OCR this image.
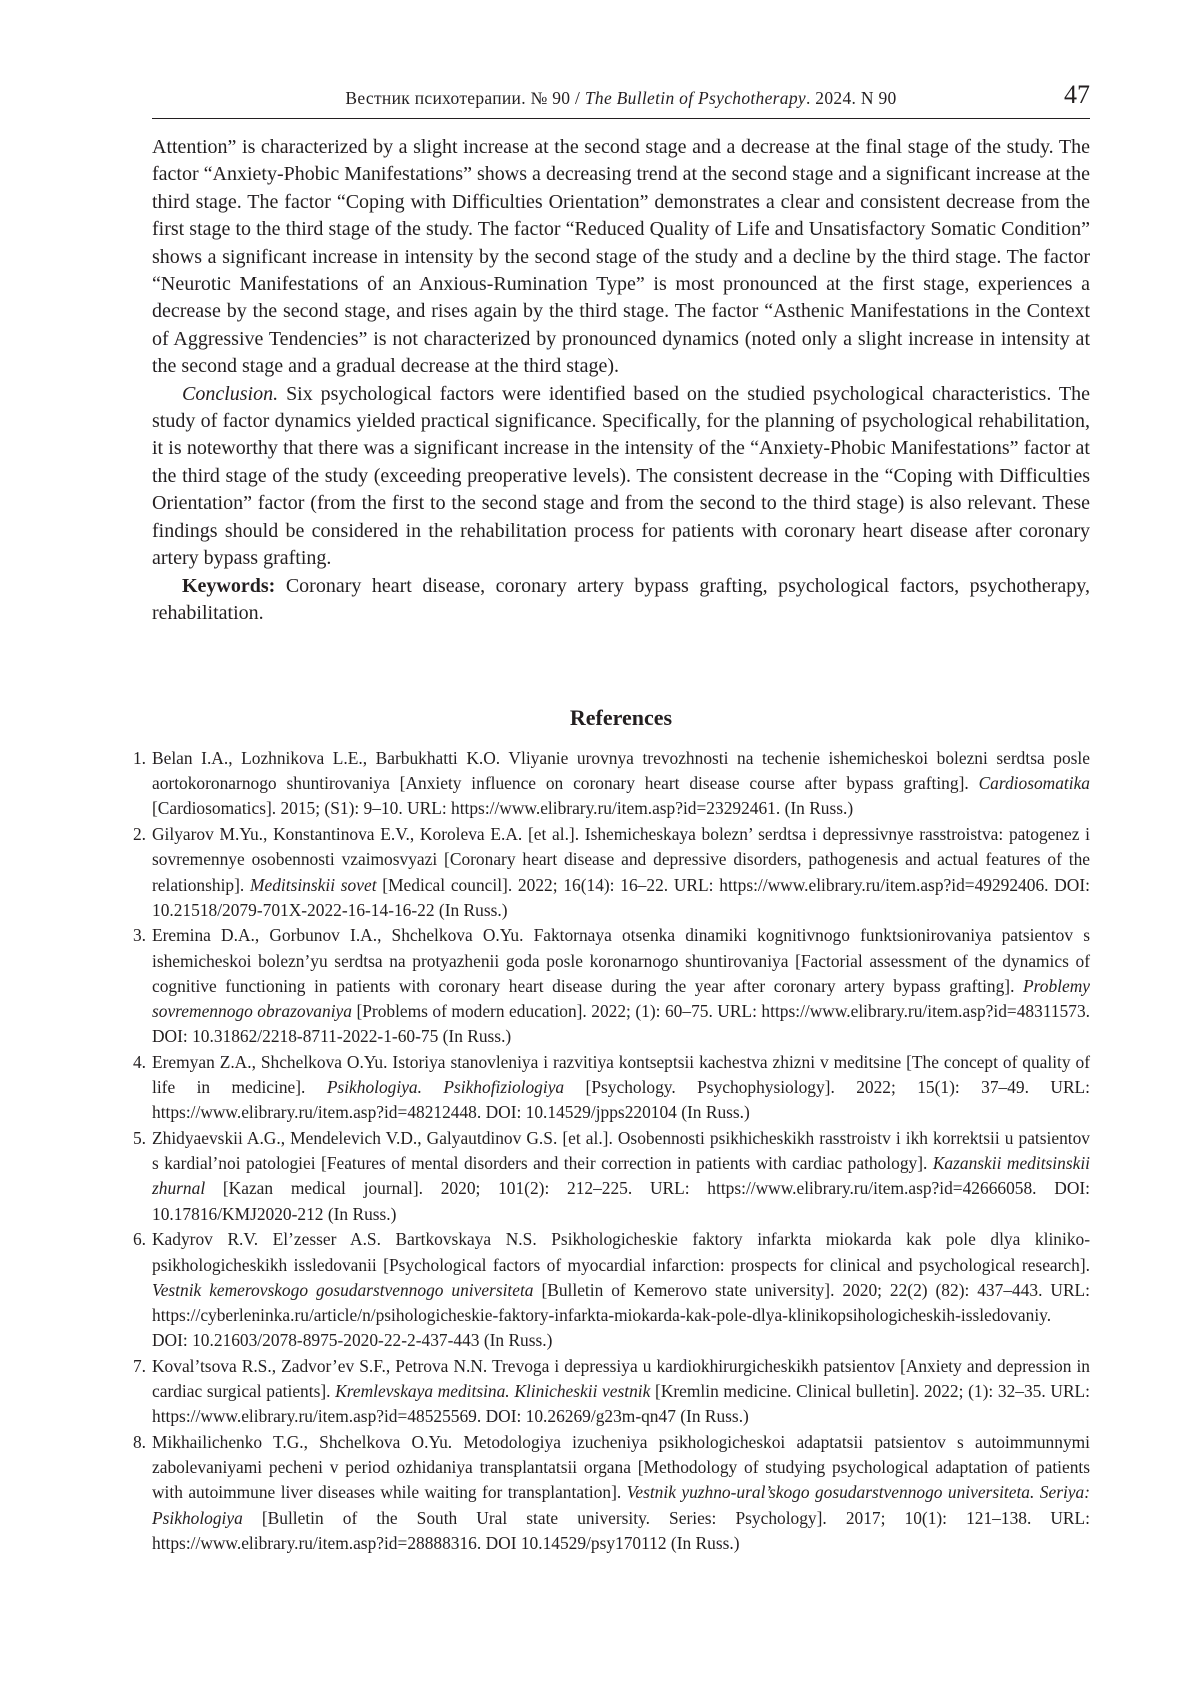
Вестник психотерапии. № 90 / The Bulletin of Psychotherapy. 2024. N 90	47

Attention” is characterized by a slight increase at the second stage and a decrease at the final stage of the study. The factor “Anxiety-Phobic Manifestations” shows a decreasing trend at the second stage and a significant increase at the third stage. The factor “Coping with Difficulties Orientation” demonstrates a clear and consistent decrease from the first stage to the third stage of the study. The factor “Reduced Quality of Life and Unsatisfactory Somatic Condition” shows a significant increase in intensity by the second stage of the study and a decline by the third stage. The factor “Neurotic Manifestations of an Anxious-Rumination Type” is most pronounced at the first stage, experiences a decrease by the second stage, and rises again by the third stage. The factor “Asthenic Manifestations in the Context of Aggressive Tendencies” is not characterized by pronounced dynamics (noted only a slight increase in intensity at the second stage and a gradual decrease at the third stage).

Conclusion. Six psychological factors were identified based on the studied psychological characteristics. The study of factor dynamics yielded practical significance. Specifically, for the planning of psychological rehabilitation, it is noteworthy that there was a significant increase in the intensity of the “Anxiety-Phobic Manifestations” factor at the third stage of the study (exceeding preoperative levels). The consistent decrease in the “Coping with Difficulties Orientation” factor (from the first to the second stage and from the second to the third stage) is also relevant. These findings should be considered in the rehabilitation process for patients with coronary heart disease after coronary artery bypass grafting.

Keywords: Coronary heart disease, coronary artery bypass grafting, psychological factors, psychotherapy, rehabilitation.

References
1. Belan I.A., Lozhnikova L.E., Barbukhatti K.O. Vliyanie urovnya trevozhnosti na techenie ishemicheskoi bolezni serdtsa posle aortokoronarnogo shuntirovaniya [Anxiety influence on coronary heart disease course after bypass grafting]. Cardiosomatika [Cardiosomatics]. 2015; (S1): 9–10. URL: https://www.elibrary.ru/item.asp?id=23292461. (In Russ.)
2. Gilyarov M.Yu., Konstantinova E.V., Koroleva E.A. [et al.]. Ishemicheskaya bolezn’ serdtsa i depressivnye rasstroistva: patogenez i sovremennye osobennosti vzaimosvyazi [Coronary heart disease and depressive disorders, pathogenesis and actual features of the relationship]. Meditsinskii sovet [Medical council]. 2022; 16(14): 16–22. URL: https://www.elibrary.ru/item.asp?id=49292406. DOI: 10.21518/2079-701X-2022-16-14-16-22 (In Russ.)
3. Eremina D.A., Gorbunov I.A., Shchelkova O.Yu. Faktornaya otsenka dinamiki kognitivnogo funktsionirovaniya patsientov s ishemicheskoi bolezn’yu serdtsa na protyazhenii goda posle koronarnogo shuntirovaniya [Factorial assessment of the dynamics of cognitive functioning in patients with coronary heart disease during the year after coronary artery bypass grafting]. Problemy sovremennogo obrazovaniya [Problems of modern education]. 2022; (1): 60–75. URL: https://www.elibrary.ru/item.asp?id=48311573. DOI: 10.31862/2218-8711-2022-1-60-75 (In Russ.)
4. Eremyan Z.A., Shchelkova O.Yu. Istoriya stanovleniya i razvitiya kontseptsii kachestva zhizni v meditsine [The concept of quality of life in medicine]. Psikhologiya. Psikhofiziologiya [Psychology. Psychophysiology]. 2022; 15(1): 37–49. URL: https://www.elibrary.ru/item.asp?id=48212448. DOI: 10.14529/jpps220104 (In Russ.)
5. Zhidyaevskii A.G., Mendelevich V.D., Galyautdinov G.S. [et al.]. Osobennosti psikhicheskikh rasstroistv i ikh korrektsii u patsientov s kardial’noi patologiei [Features of mental disorders and their correction in patients with cardiac pathology]. Kazanskii meditsinskii zhurnal [Kazan medical journal]. 2020; 101(2): 212–225. URL: https://www.elibrary.ru/item.asp?id=42666058. DOI: 10.17816/KMJ2020-212 (In Russ.)
6. Kadyrov R.V. El’zesser A.S. Bartkovskaya N.S. Psikhologicheskie faktory infarkta miokarda kak pole dlya kliniko-psikhologicheskikh issledovanii [Psychological factors of myocardial infarction: prospects for clinical and psychological research]. Vestnik kemerovskogo gosudarstvennogo universiteta [Bulletin of Kemerovo state university]. 2020; 22(2) (82): 437–443. URL: https://cyberleninka.ru/article/n/psihologicheskie-faktory-infarkta-miokarda-kak-pole-dlya-klinikopsihologicheskih-issledovaniy. DOI: 10.21603/2078-8975-2020-22-2-437-443 (In Russ.)
7. Koval’tsova R.S., Zadvor’ev S.F., Petrova N.N. Trevoga i depressiya u kardiokhirurgicheskikh patsientov [Anxiety and depression in cardiac surgical patients]. Kremlevskaya meditsina. Klinicheskii vestnik [Kremlin medicine. Clinical bulletin]. 2022; (1): 32–35. URL: https://www.elibrary.ru/item.asp?id=48525569. DOI: 10.26269/g23m-qn47 (In Russ.)
8. Mikhailichenko T.G., Shchelkova O.Yu. Metodologiya izucheniya psikhologicheskoi adaptatsii patsientov s autoimmunnymi zabolevaniyami pecheni v period ozhidaniya transplantatsii organa [Methodology of studying psychological adaptation of patients with autoimmune liver diseases while waiting for transplantation]. Vestnik yuzhno-ural’skogo gosudarstvennogo universiteta. Seriya: Psikhologiya [Bulletin of the South Ural state university. Series: Psychology]. 2017; 10(1): 121–138. URL: https://www.elibrary.ru/item.asp?id=28888316. DOI 10.14529/psy170112 (In Russ.)
